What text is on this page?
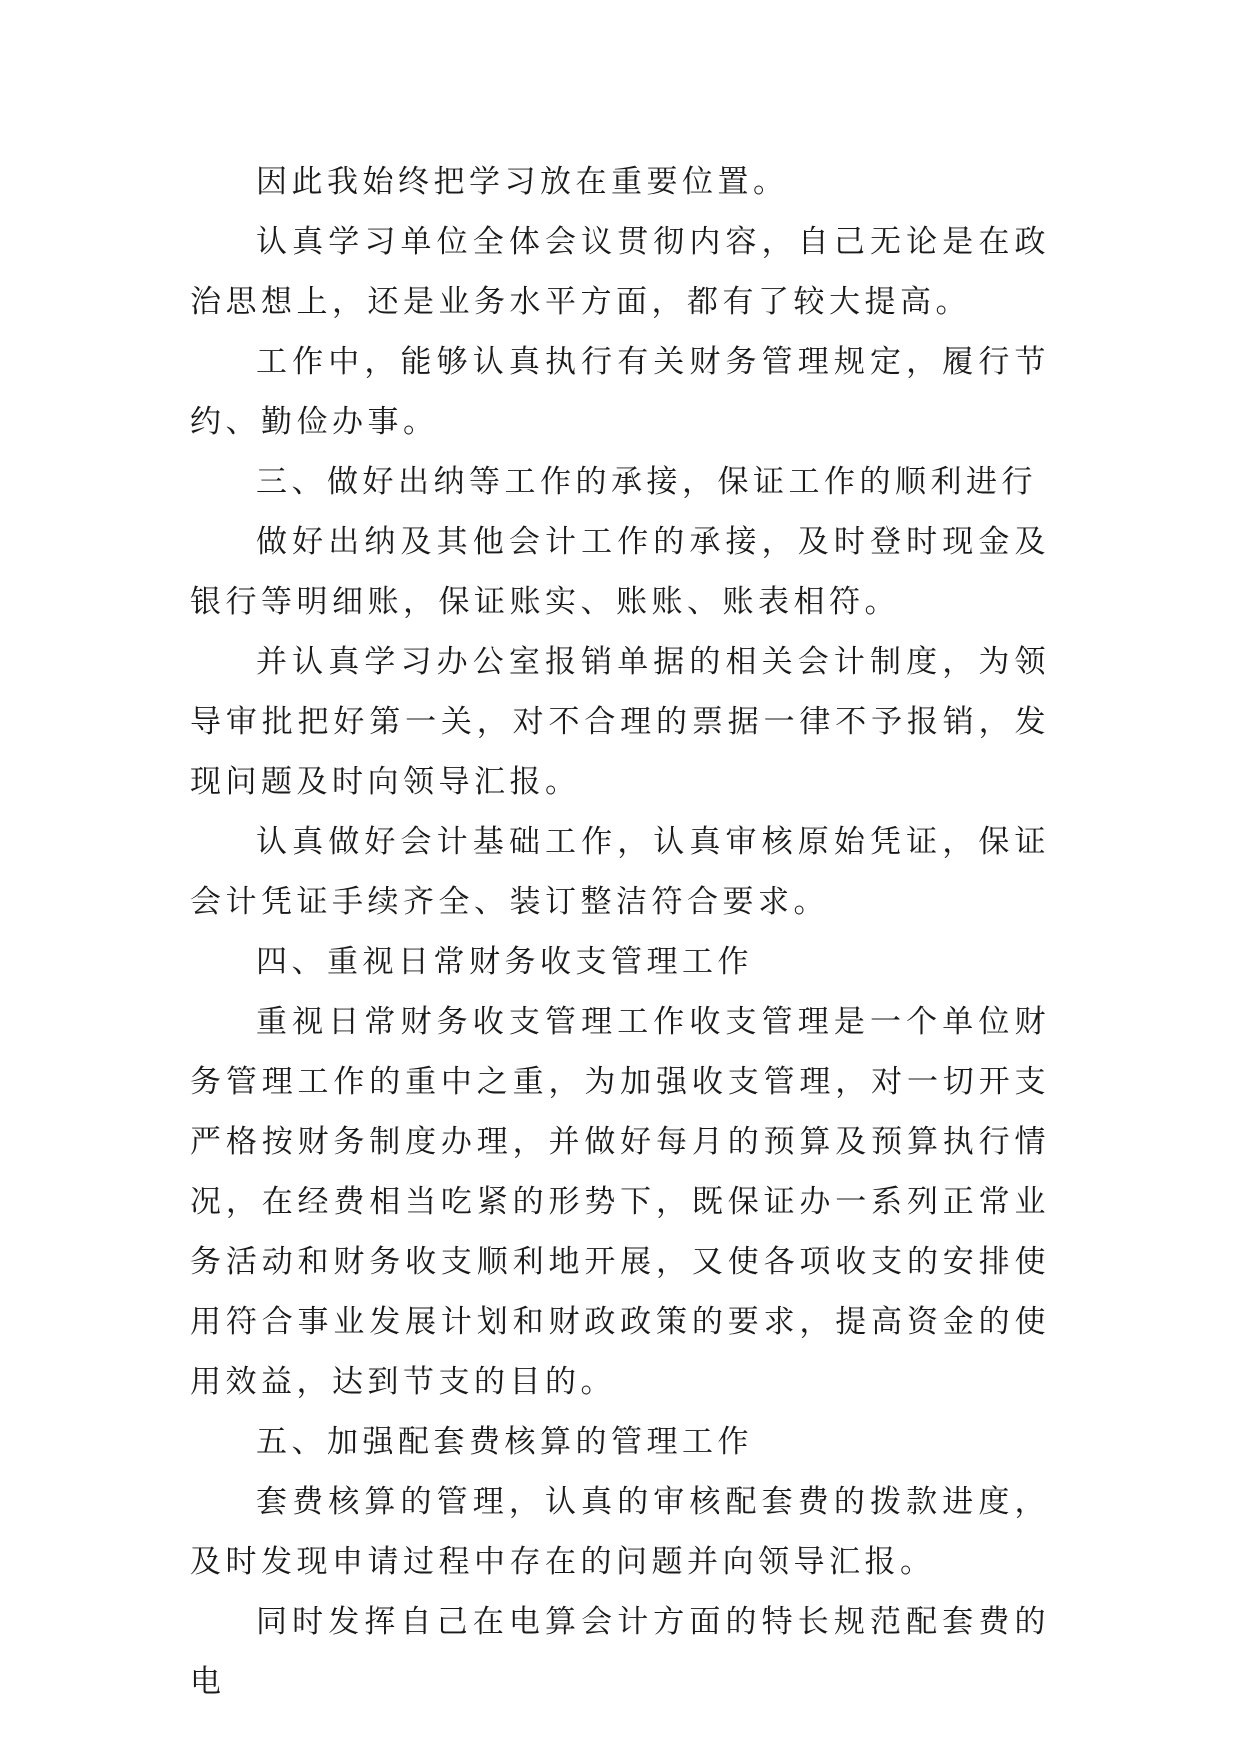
因此我始终把学习放在重要位置。

认真学习单位全体会议贯彻内容，自己无论是在政治思想上，还是业务水平方面，都有了较大提高。

工作中，能够认真执行有关财务管理规定，履行节约、勤俭办事。

三、做好出纳等工作的承接，保证工作的顺利进行

做好出纳及其他会计工作的承接，及时登时现金及银行等明细账，保证账实、账账、账表相符。

并认真学习办公室报销单据的相关会计制度，为领导审批把好第一关，对不合理的票据一律不予报销，发现问题及时向领导汇报。

认真做好会计基础工作，认真审核原始凭证，保证会计凭证手续齐全、装订整洁符合要求。

四、重视日常财务收支管理工作

重视日常财务收支管理工作收支管理是一个单位财务管理工作的重中之重，为加强收支管理，对一切开支严格按财务制度办理，并做好每月的预算及预算执行情况，在经费相当吃紧的形势下，既保证办一系列正常业务活动和财务收支顺利地开展，又使各项收支的安排使用符合事业发展计划和财政政策的要求，提高资金的使用效益，达到节支的目的。

五、加强配套费核算的管理工作

套费核算的管理，认真的审核配套费的拨款进度，及时发现申请过程中存在的问题并向领导汇报。

同时发挥自己在电算会计方面的特长规范配套费的电
